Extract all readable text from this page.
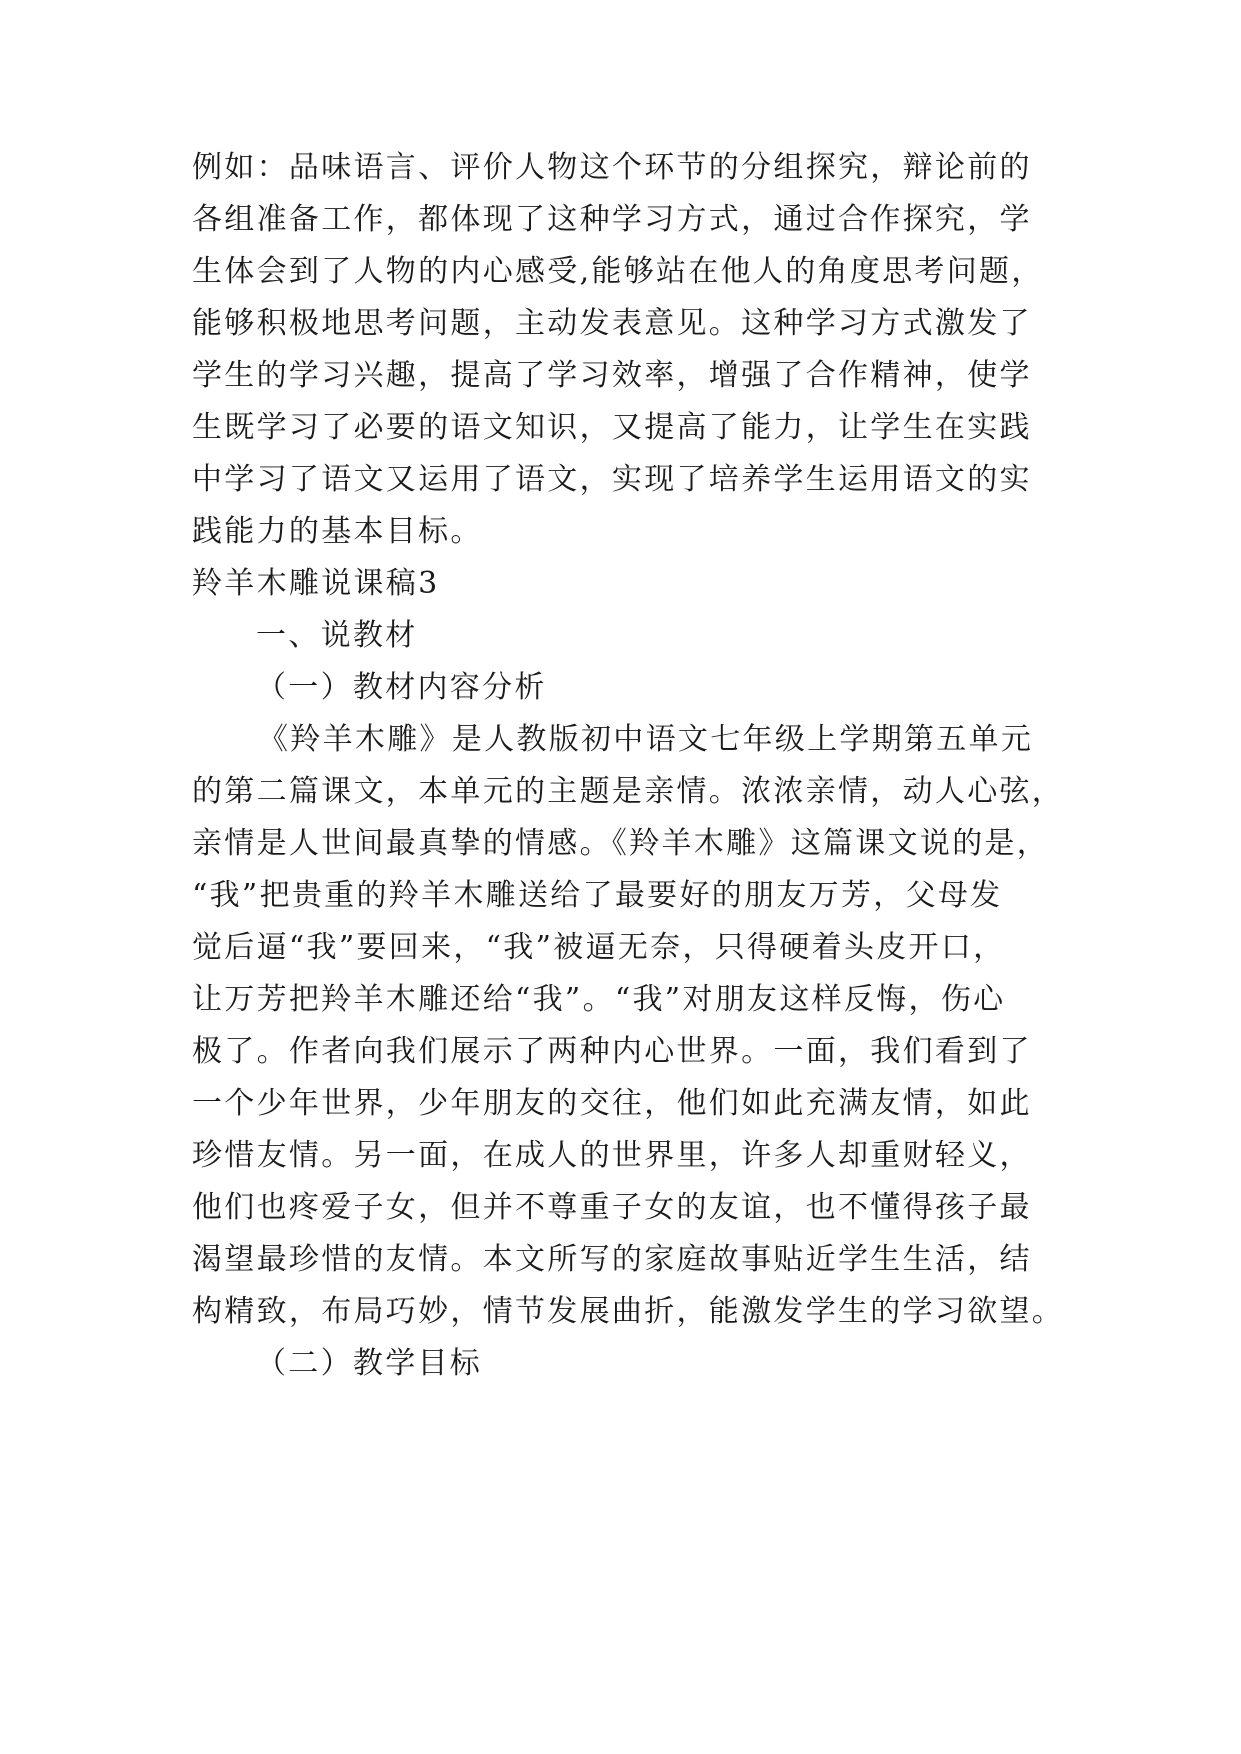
例如：品味语言、评价人物这个环节的分组探究，辩论前的
各组准备工作，都体现了这种学习方式，通过合作探究，学
生体会到了人物的内心感受,能够站在他人的角度思考问题，
能够积极地思考问题，主动发表意见。这种学习方式激发了
学生的学习兴趣，提高了学习效率，增强了合作精神，使学
生既学习了必要的语文知识，又提高了能力，让学生在实践
中学习了语文又运用了语文，实现了培养学生运用语文的实
践能力的基本目标。
羚羊木雕说课稿3
一、说教材
（一）教材内容分析
《羚羊木雕》是人教版初中语文七年级上学期第五单元
的第二篇课文，本单元的主题是亲情。浓浓亲情，动人心弦，
亲情是人世间最真挚的情感。《羚羊木雕》这篇课文说的是，
“我”把贵重的羚羊木雕送给了最要好的朋友万芳，父母发
觉后逼“我”要回来，“我”被逼无奈，只得硬着头皮开口，
让万芳把羚羊木雕还给“我”。“我”对朋友这样反悔，伤心
极了。作者向我们展示了两种内心世界。一面，我们看到了
一个少年世界，少年朋友的交往，他们如此充满友情，如此
珍惜友情。另一面，在成人的世界里，许多人却重财轻义，
他们也疼爱子女，但并不尊重子女的友谊，也不懂得孩子最
渴望最珍惜的友情。本文所写的家庭故事贴近学生生活，结
构精致，布局巧妙，情节发展曲折，能激发学生的学习欲望。
（二）教学目标
